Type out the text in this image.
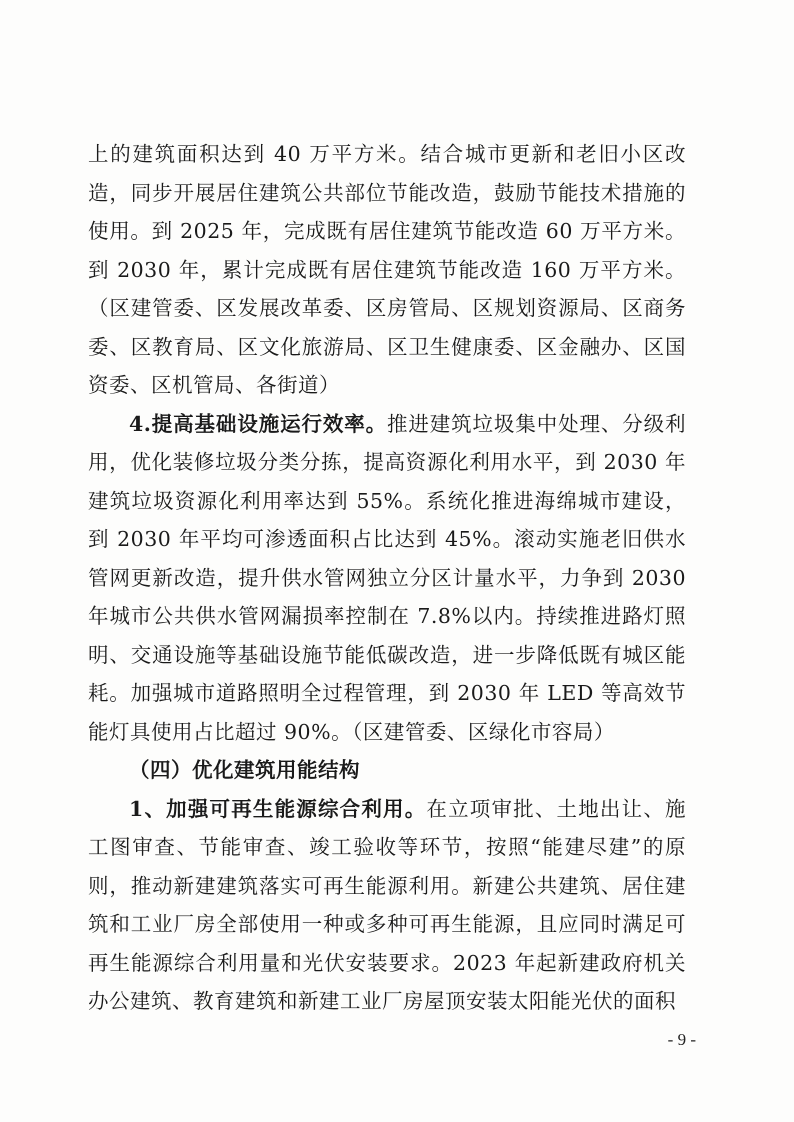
上的建筑面积达到 40 万平方米。结合城市更新和老旧小区改造，同步开展居住建筑公共部位节能改造，鼓励节能技术措施的使用。到 2025 年，完成既有居住建筑节能改造 60 万平方米。到 2030 年，累计完成既有居住建筑节能改造 160 万平方米。（区建管委、区发展改革委、区房管局、区规划资源局、区商务委、区教育局、区文化旅游局、区卫生健康委、区金融办、区国资委、区机管局、各街道）

4.提高基础设施运行效率。推进建筑垃圾集中处理、分级利用，优化装修垃圾分类分拣，提高资源化利用水平，到 2030 年建筑垃圾资源化利用率达到 55%。系统化推进海绵城市建设，到 2030 年平均可渗透面积占比达到 45%。滚动实施老旧供水管网更新改造，提升供水管网独立分区计量水平，力争到 2030 年城市公共供水管网漏损率控制在 7.8%以内。持续推进路灯照明、交通设施等基础设施节能低碳改造，进一步降低既有城区能耗。加强城市道路照明全过程管理，到 2030 年 LED 等高效节能灯具使用占比超过 90%。（区建管委、区绿化市容局）

（四）优化建筑用能结构

1、加强可再生能源综合利用。在立项审批、土地出让、施工图审查、节能审查、竣工验收等环节，按照“能建尽建”的原则，推动新建建筑落实可再生能源利用。新建公共建筑、居住建筑和工业厂房全部使用一种或多种可再生能源，且应同时满足可再生能源综合利用量和光伏安装要求。2023 年起新建政府机关办公建筑、教育建筑和新建工业厂房屋顶安装太阳能光伏的面积

- 9 -
